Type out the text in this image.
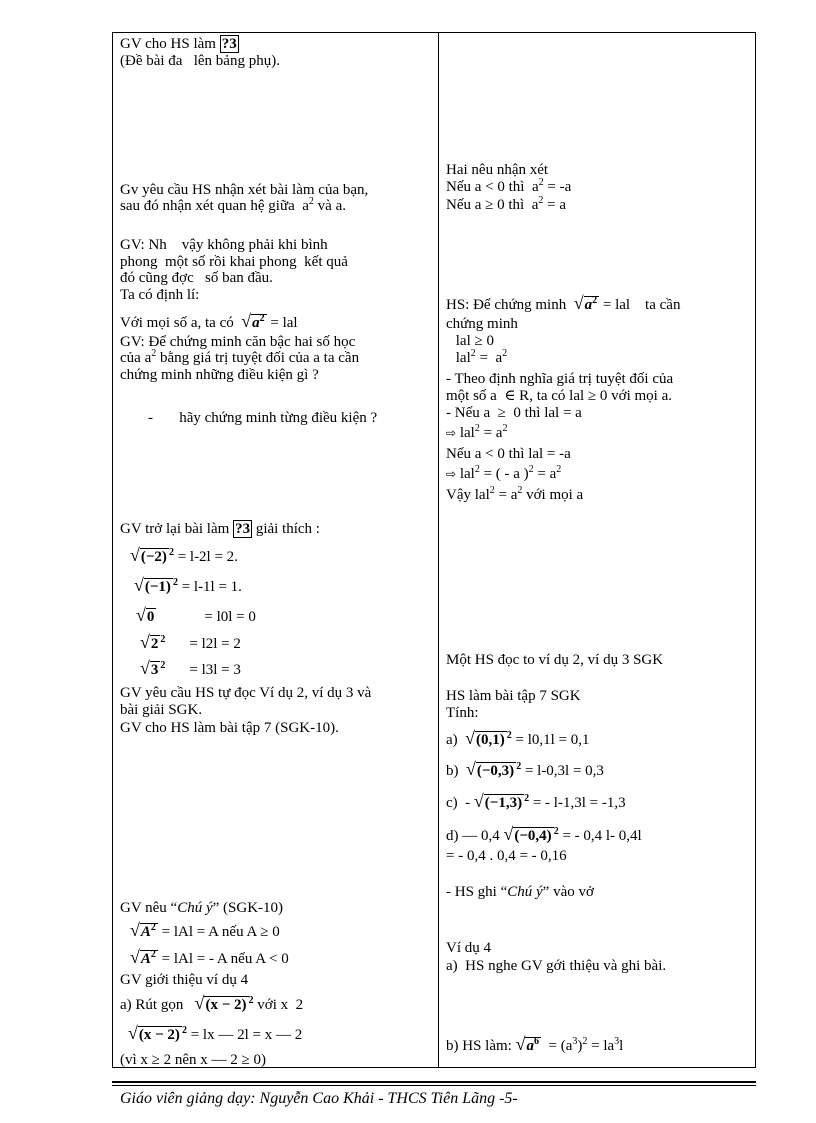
GV cho HS làm ?3
(Đề bài đa   lên bảng phụ).
Gv yêu cầu HS nhận xét bài làm của bạn,
sau đó nhận xét quan hệ giữa  $a^2$ và a.
GV: Nh    vậy không phải khi bình
phong  một số rồi khai phong  kết quả
đó cũng đợc   số ban đầu.
Ta có định lí:
Với mọi số a, ta có $√a^2$ = lal
GV: Để chứng minh căn bậc hai số học
của $a^2$ bằng giá trị tuyệt đối của a ta cần
chứng minh những điều kiện gì ?
-       hãy chứng minh từng điều kiện ?
GV trở lại bài làm ?3 giải thích :
√(−2) $^2$ = l-2l = 2.
√(−1) $^2$ = l-1l = 1.
√0	= l0l = 0
√2 $^2$ = l2l = 2
√3 $^2$ = l3l = 3
GV yêu cầu HS tự đọc Ví dụ 2, ví dụ 3 và
bài giải SGK.
GV cho HS làm bài tập 7 (SGK-10).
GV nêu “Chú ý” (SGK-10)
$√A^2$ = lAl = A nếu A ≥ 0
$√A^2$ = lAl = - A nếu A < 0
GV giới thiệu ví dụ 4
a) Rút gọn √(x − 2) $^2$ với x  2
√(x − 2) $^2$ = lx — 2l = x — 2
(vì x ≥ 2 nên x — 2 ≥ 0)
Hai nêu nhận xét
Nếu a < 0 thì  $a^2 = -a$
Nếu a ≥ 0 thì  $a^2 = a$
HS: Để chứng minh $√a^2$ = lal    ta cần
chứng minh
lal ≥ 0
$lal^2 = a^2$
- Theo định nghĩa giá trị tuyệt đối của
một số a  ∈ R, ta có lal ≥ 0 với mọi a.
- Nếu a  ≥  0 thì lal = a
⇨ $lal^2 = a^2$
Nếu a < 0 thì lal = -a
⇨ lal$^2$ = ( - a )$^2 = a^2$
Vậy $lal^2 = a^2$ với mọi a
Một HS đọc to ví dụ 2, ví dụ 3 SGK
HS làm bài tập 7 SGK
Tính:
a) √(0,1) $^2$ = l0,1l = 0,1
b) √(−0,3) $^2$ = l-0,3l = 0,3
c)  - √(−1,3) $^2$ = - l-1,3l = -1,3
d) — 0,4 √(−0,4) $^2$ = - 0,4 l- 0,4l
= - 0,4 . 0,4 = - 0,16
- HS ghi “Chú ý” vào vở
Ví dụ 4
a)  HS nghe GV gới thiệu và ghi bài.
b) HS làm: $√a^6 = (a^3)^2 = la^3l$
Giáo viên giảng dạy: Nguyễn Cao Khải - THCS Tiên Lãng -5-
